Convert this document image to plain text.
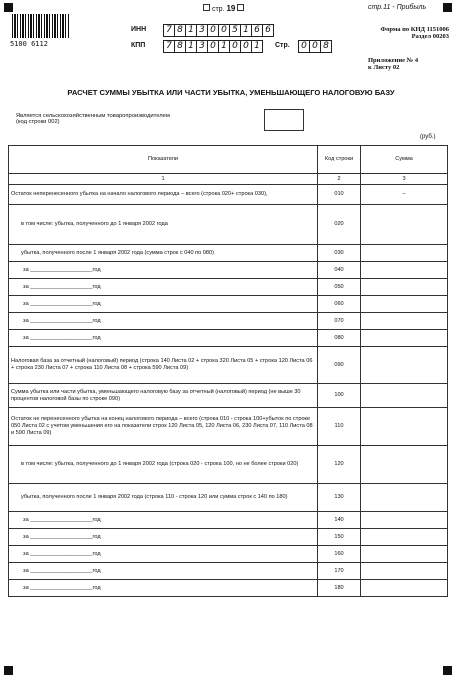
стр. 19	стр.11 - Прибыль
5100 6112
ИНН	7 8 1 3 0 0 5 1 6 6
КПП	7 8 1 3 0 1 0 0 1	Стр.	0 0 8
Форма по КНД 1151006
Раздел 00203
Приложение № 4
к Листу 02
РАСЧЕТ СУММЫ УБЫТКА ИЛИ ЧАСТИ УБЫТКА, УМЕНЬШАЮЩЕГО НАЛОГОВУЮ БАЗУ
Является сельскохозяйственным товаропроизводителем
(код строки 002)
(руб.)
Показатели	Код строки	Сумма
1	2	3
Остаток неперенесенного убытка на начало налогового периода – всего (строка 020+ строка 030),	010	–
в том числе: убытка, полученного до 1 января 2002 года	020	
убытка, полученного после 1 января 2002 года (сумма строк с 040 по 080)	030	
за ____________________год	040	
за ____________________год	050	
за ____________________год	060	
за ____________________год	070	
за ____________________год	080	
Налоговая база за отчетный (налоговый) период (строка 140 Листа 02 + строка 320 Листа 05 + строка 120 Листа 06 + строка 230 Листа 07 + строка 110 Листа 08 + строка 590 Листа 09)	090	
Сумма убытка или части убытка, уменьшающего налоговую базу за отчетный (налоговый) период (не выше 30 процентов налоговой базы по строке 090)	100	
Остаток не перенесенного убытка на конец налогового периода – всего (строка 010 - строка 100+убыток по строке 050 Листа 02 с учетом уменьшения его на показатели строк 120 Листа 05, 120 Листа 06, 230 Листа 07, 110 Листа 08 и 590 Листа 09)	110	
в том числе: убытка, полученного до 1 января 2002 года (строка 020 - строка 100, но не более строки 020)	120	
убытка, полученного после 1 января 2002 года (строка 110 - строка 120 или сумма строк с 140 по 180)	130	
за ____________________год	140	
за ____________________год	150	
за ____________________год	160	
за ____________________год	170	
за ____________________год	180	
